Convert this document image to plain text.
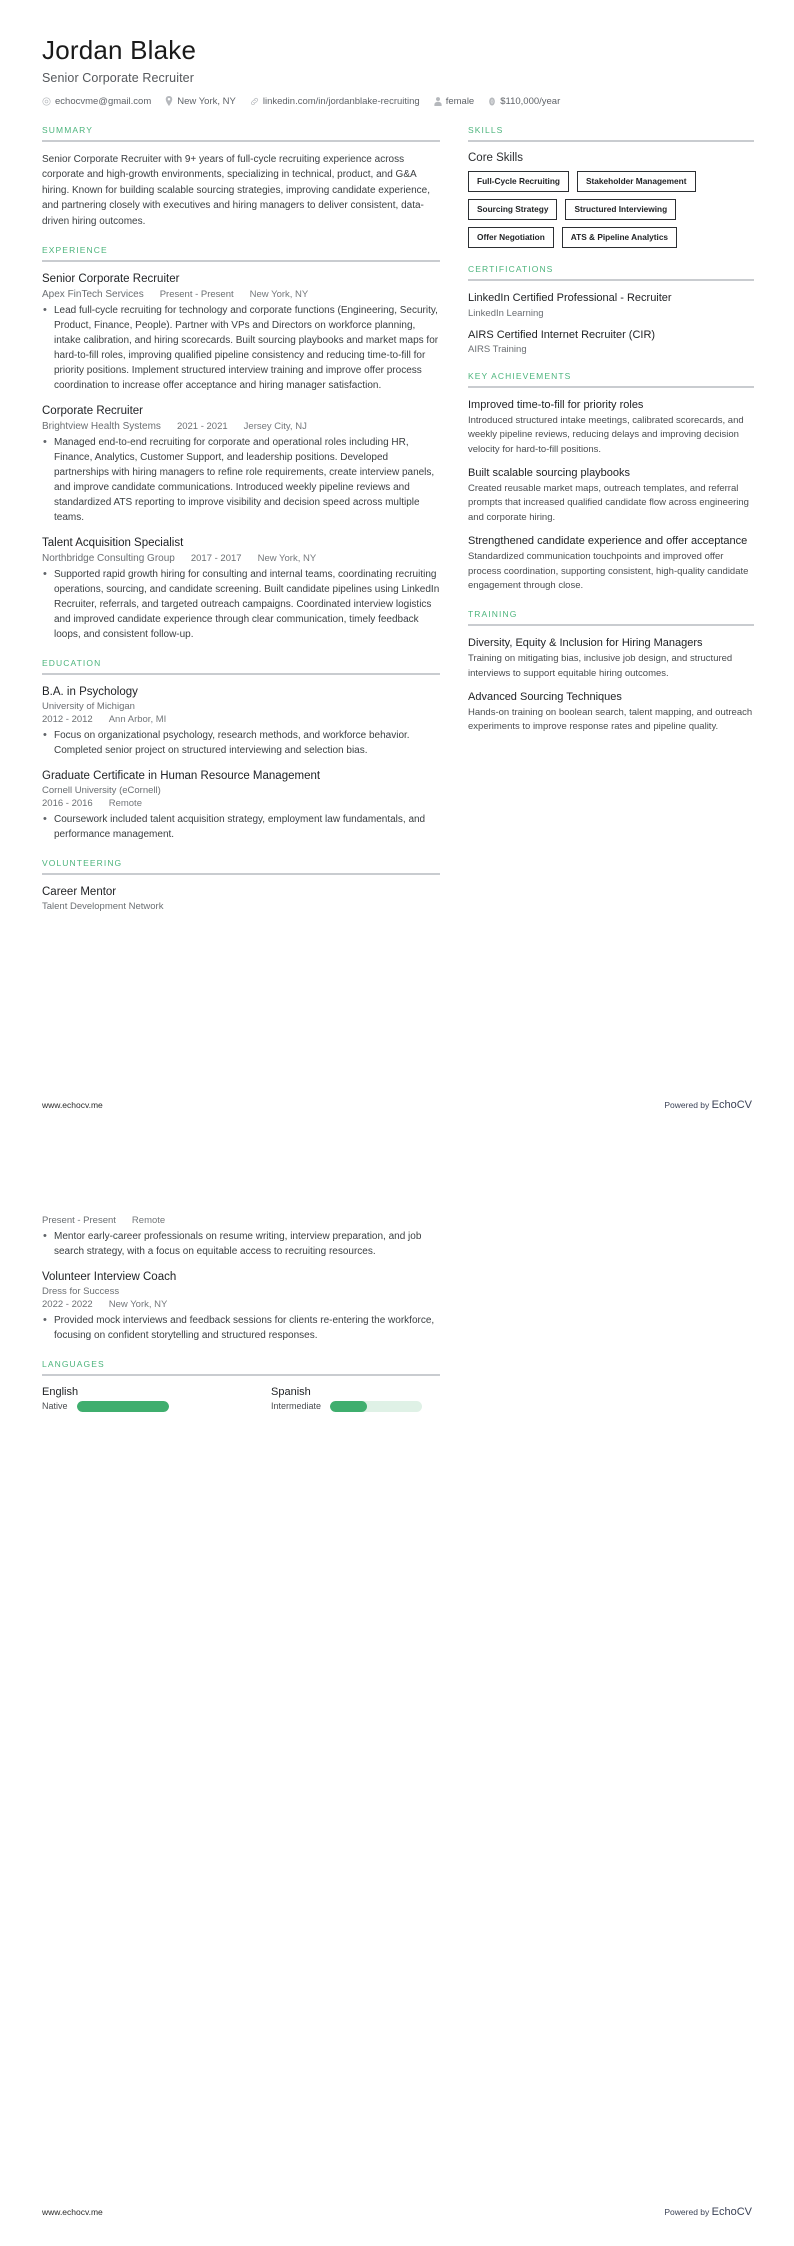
Jordan Blake
Senior Corporate Recruiter
echocvme@gmail.com	New York, NY	linkedin.com/in/jordanblake-recruiting	female 0 $110,000/year
SUMMARY
Senior Corporate Recruiter with 9+ years of full-cycle recruiting experience across corporate and high-growth environments, specializing in technical, product, and G&A hiring. Known for building scalable sourcing strategies, improving candidate experience, and partnering closely with executives and hiring managers to deliver consistent, data-driven hiring outcomes.
EXPERIENCE
Senior Corporate Recruiter
Apex FinTech Services Present - Present New York, NY
• Lead full-cycle recruiting for technology and corporate functions (Engineering, Security, Product, Finance, People). Partner with VPs and Directors on workforce planning, intake calibration, and hiring scorecards. Built sourcing playbooks and market maps for hard-to-fill roles, improving qualified pipeline consistency and reducing time-to-fill for priority positions. Implement structured interview training and improve offer process coordination to increase offer acceptance and hiring manager satisfaction.
Corporate Recruiter
Brightview Health Systems 2021 - 2021 Jersey City, NJ
• Managed end-to-end recruiting for corporate and operational roles including HR, Finance, Analytics, Customer Support, and leadership positions. Developed partnerships with hiring managers to refine role requirements, create interview panels, and improve candidate communications. Introduced weekly pipeline reviews and standardized ATS reporting to improve visibility and decision speed across multiple teams.
Talent Acquisition Specialist
Northbridge Consulting Group 2017 - 2017 New York, NY
• Supported rapid growth hiring for consulting and internal teams, coordinating recruiting operations, sourcing, and candidate screening. Built candidate pipelines using LinkedIn Recruiter, referrals, and targeted outreach campaigns. Coordinated interview logistics and improved candidate experience through clear communication, timely feedback loops, and consistent follow-up.
EDUCATION
B.A. in Psychology
University of Michigan
2012 - 2012 Ann Arbor, MI
• Focus on organizational psychology, research methods, and workforce behavior. Completed senior project on structured interviewing and selection bias.
Graduate Certificate in Human Resource Management
Cornell University (eCornell)
2016 - 2016 Remote
• Coursework included talent acquisition strategy, employment law fundamentals, and performance management.
VOLUNTEERING
Career Mentor
Talent Development Network
SKILLS
Core Skills
Full-Cycle Recruiting	Stakeholder Management
Sourcing Strategy	Structured Interviewing
Offer Negotiation	ATS & Pipeline Analytics
CERTIFICATIONS
LinkedIn Certified Professional - Recruiter
LinkedIn Learning
AIRS Certified Internet Recruiter (CIR)
AIRS Training
KEY ACHIEVEMENTS
Improved time-to-fill for priority roles
Introduced structured intake meetings, calibrated scorecards, and weekly pipeline reviews, reducing delays and improving decision velocity for hard-to-fill positions.
Built scalable sourcing playbooks
Created reusable market maps, outreach templates, and referral prompts that increased qualified candidate flow across engineering and corporate hiring.
Strengthened candidate experience and offer acceptance
Standardized communication touchpoints and improved offer process coordination, supporting consistent, high-quality candidate engagement through close.
TRAINING
Diversity, Equity & Inclusion for Hiring Managers
Training on mitigating bias, inclusive job design, and structured interviews to support equitable hiring outcomes.
Advanced Sourcing Techniques
Hands-on training on boolean search, talent mapping, and outreach experiments to improve response rates and pipeline quality.
www.echocv.me	Powered by EchoCV
Present - Present Remote
• Mentor early-career professionals on resume writing, interview preparation, and job search strategy, with a focus on equitable access to recruiting resources.
Volunteer Interview Coach
Dress for Success
2022 - 2022 New York, NY
• Provided mock interviews and feedback sessions for clients re-entering the workforce, focusing on confident storytelling and structured responses.
LANGUAGES
English
Native
Spanish
Intermediate
www.echocv.me	Powered by EchoCV
